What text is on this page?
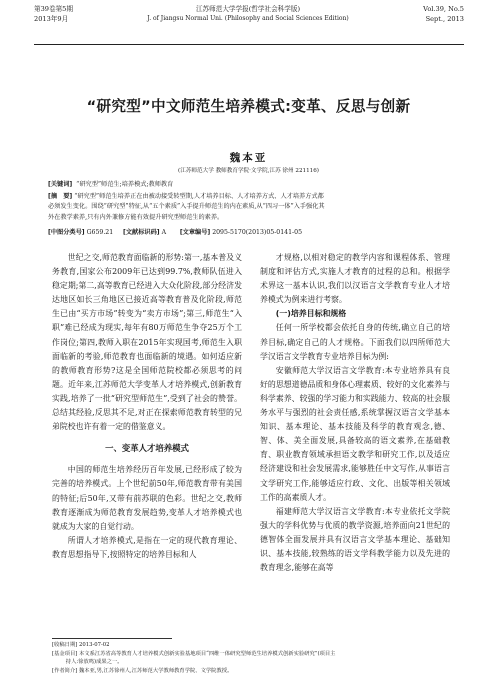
第39卷第5期
2013年9月
江苏师范大学学报(哲学社会科学版)
J. of Jiangsu Normal Uni. (Philosophy and Social Sciences Edition)
Vol.39, No.5
Sept., 2013
“研究型”中文师范生培养模式:变革、反思与创新
魏本亚
(江苏师范大学 教师教育学院·文学院,江苏 徐州 221116)
[关键词] “研究型”师范生;培养模式;教师教育
[摘　要] “研究型”师范生培养正在由被动接受转型期,人才培养目标、人才培养方式、人才培养方式都
必须发生变化。围绕“研究型”特征,从“五个素质”入手提升师范生的内在素质,从“四习一体”入手强化其
外在教学素养,只有内外兼修方能有效提升研究型师范生的素养。
[中图分类号] G659.21 [文献标识码] A [文章编号] 2095-5170(2013)05-0141-05

世纪之交,师范教育面临新的形势:第一,基本普及义务教育,国家公布2009年已达到99.7%,教师队伍进入稳定期;第二,高等教育已经进入大众化阶段,部分经济发达地区如长三角地区已接近高等教育普及化阶段,师范生已由“买方市场”转变为“卖方市场”;第三,师范生“入职”难已经成为现实,每年有80万师范生争夺25万个工作岗位;第四,教师入职在2015年实现国考,师范生入职面临新的考验,师范教育也面临新的境遇。如何适应新的教师教育形势?这是全国师范院校都必须思考的问题。近年来,江苏师范大学变革人才培养模式,创新教育实践,培养了一批“研究型师范生”,受到了社会的赞誉。总结其经验,反思其不足,对正在探索师范教育转型的兄弟院校也许有着一定的借鉴意义。

一、变革人才培养模式

中国的师范生培养经历百年发展,已经形成了较为完善的培养模式。上个世纪前50年,师范教育带有美国的特征;后50年,又带有前苏联的色彩。世纪之交,教师教育逐渐成为师范教育发展趋势,变革人才培养模式也就成为大家的自觉行动。

所谓人才培养模式,是指在一定的现代教育理论、教育思想指导下,按照特定的培养目标和人

才规格,以相对稳定的教学内容和课程体系、管理制度和评估方式,实施人才教育的过程的总和。根据学术界这一基本认识,我们以汉语言文学教育专业人才培养模式为例来进行考察。

(一)培养目标和规格

任何一所学校都会依托自身的传统,确立自己的培养目标,确定自己的人才规格。下面我们以四所师范大学汉语言文学教育专业培养目标为例:

安徽师范大学汉语言文学教育:本专业培养具有良好的思想道德品质和身体心理素质、较好的文化素养与科学素养、较强的学习能力和实践能力、较高的社会服务水平与强烈的社会责任感,系统掌握汉语言文学基本知识、基本理论、基本技能及科学的教育观念,德、智、体、美全面发展,具备较高的语文素养,在基础教育、职业教育领域承担语文教学和研究工作,以及适应经济建设和社会发展需求,能够胜任中文写作,从事语言文学研究工作,能够适应行政、文化、出版等相关领域工作的高素质人才。

福建师范大学汉语言文学教育:本专业依托文学院强大的学科优势与优质的教学资源,培养面向21世纪的德智体全面发展并具有汉语言文学基本理论、基础知识、基本技能,较熟练的语文学科教学能力以及先进的教育理念,能够在高等

[收稿日期] 2013-07-02
[基金项目] 本文系江苏省高等教育人才培养模式创新实验基地项目“四维一体研究型师范生培养模式创新实验研究”(项目主
持人:徐放鸣)成果之一。
[作者简介] 魏本亚,男,江苏徐州人,江苏师范大学教师教育学院、文学院教授。
